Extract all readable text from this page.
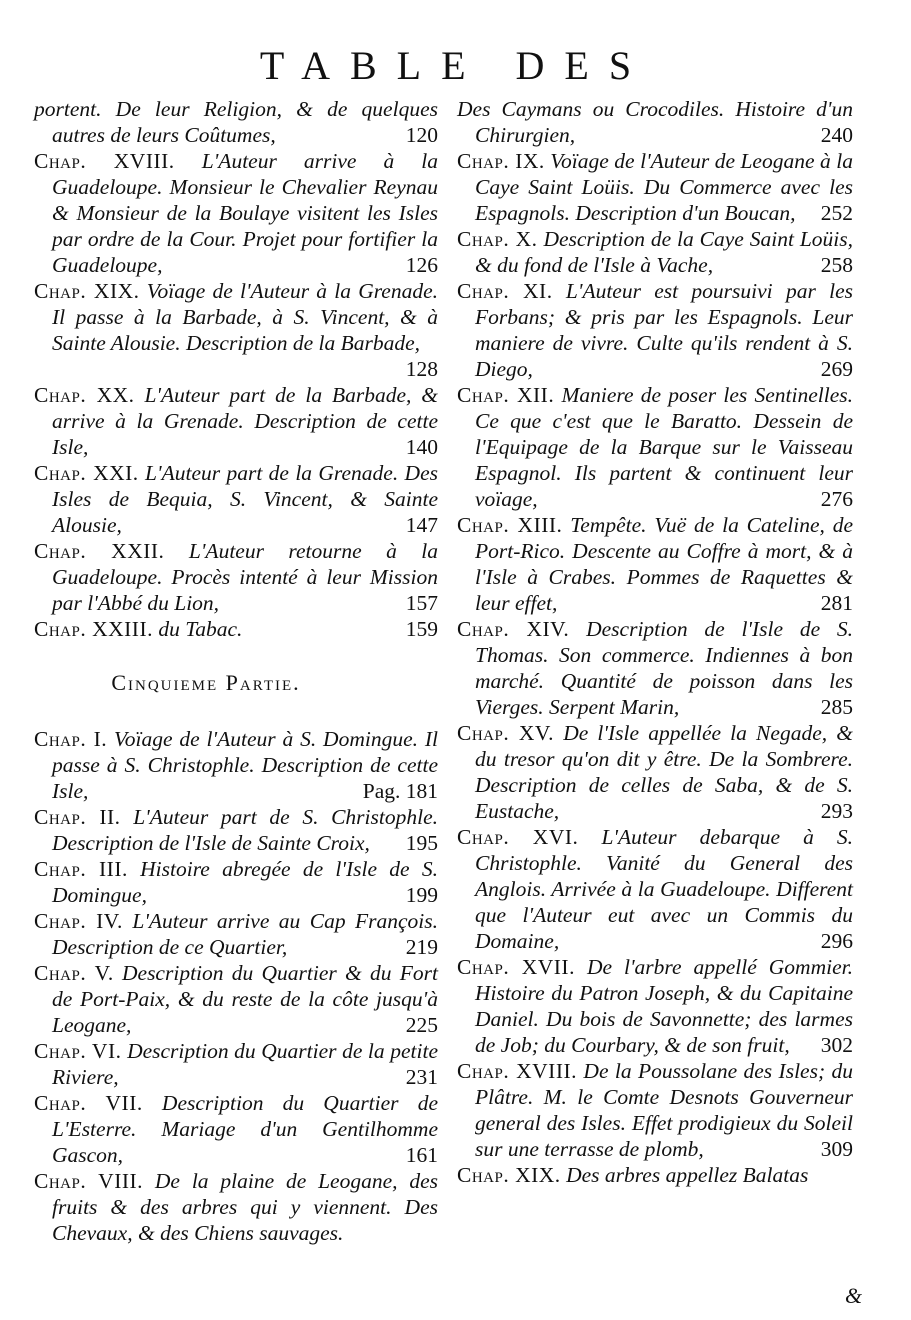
TABLE DES
portent. De leur Religion, & de quelques autres de leurs Coûtumes,	120
Chap. XVIII. L'Auteur arrive à la Guadeloupe. Monsieur le Chevalier Reynau & Monsieur de la Boulaye visitent les Isles par ordre de la Cour. Projet pour fortifier la Guadeloupe,	126
Chap. XIX. Voïage de l'Auteur à la Grenade. Il passe à la Barbade, à S. Vincent, & à Sainte Alousie. Description de la Barbade,
128
Chap. XX. L'Auteur part de la Barbade, & arrive à la Grenade. Description de cette Isle,	140
Chap. XXI. L'Auteur part de la Grenade. Des Isles de Bequia, S. Vincent, & Sainte Alousie,	147
Chap. XXII. L'Auteur retourne à la Guadeloupe. Procès intenté à leur Mission par l'Abbé du Lion,	157
Chap. XXIII. du Tabac.	159
Cinquieme Partie.
Chap. I. Voïage de l'Auteur à S. Domingue. Il passe à S. Christophle. Description de cette Isle,	Pag. 181
Chap. II. L'Auteur part de S. Christophle. Description de l'Isle de Sainte Croix, 195
Chap. III. Histoire abregée de l'Isle de S. Domingue,	199
Chap. IV. L'Auteur arrive au Cap François. Description de ce Quartier,	219
Chap. V. Description du Quartier & du Fort de Port-Paix, & du reste de la côte jusqu'à Leogane,	225
Chap. VI. Description du Quartier de la petite Riviere,	231
Chap. VII. Description du Quartier de L'Esterre. Mariage d'un Gentilhomme Gascon,	161
Chap. VIII. De la plaine de Leogane, des fruits & des arbres qui y viennent. Des Chevaux, & des Chiens sauvages.
Des Caymans ou Crocodiles. Histoire d'un Chirurgien,	240
Chap. IX. Voïage de l'Auteur de Leogane à la Caye Saint Loüis. Du Commerce avec les Espagnols. Description d'un Boucan, 252
Chap. X. Description de la Caye Saint Loüis, & du fond de l'Isle à Vache,	258
Chap. XI. L'Auteur est poursuivi par les Forbans; & pris par les Espagnols. Leur maniere de vivre. Culte qu'ils rendent à S. Diego,	269
Chap. XII. Maniere de poser les Sentinelles. Ce que c'est que le Baratto. Dessein de l'Equipage de la Barque sur le Vaisseau Espagnol. Ils partent & continuent leur voïage,	276
Chap. XIII. Tempête. Vuë de la Cateline, de Port-Rico. Descente au Coffre à mort, & à l'Isle à Crabes. Pommes de Raquettes & leur effet,	281
Chap. XIV. Description de l'Isle de S. Thomas. Son commerce. Indiennes à bon marché. Quantité de poisson dans les Vierges. Serpent Marin,	285
Chap. XV. De l'Isle appellée la Negade, & du tresor qu'on dit y être. De la Sombrere. Description de celles de Saba, & de S. Eustache,	293
Chap. XVI. L'Auteur debarque à S. Christophle. Vanité du General des Anglois. Arrivée à la Guadeloupe. Different que l'Auteur eut avec un Commis du Domaine,	296
Chap. XVII. De l'arbre appellé Gommier. Histoire du Patron Joseph, & du Capitaine Daniel. Du bois de Savonnette; des larmes de Job; du Courbary, & de son fruit, 302
Chap. XVIII. De la Poussolane des Isles; du Plâtre. M. le Comte Desnots Gouverneur general des Isles. Effet prodigieux du Soleil sur une terrasse de plomb,	309
Chap. XIX. Des arbres appellez Balatas
&
